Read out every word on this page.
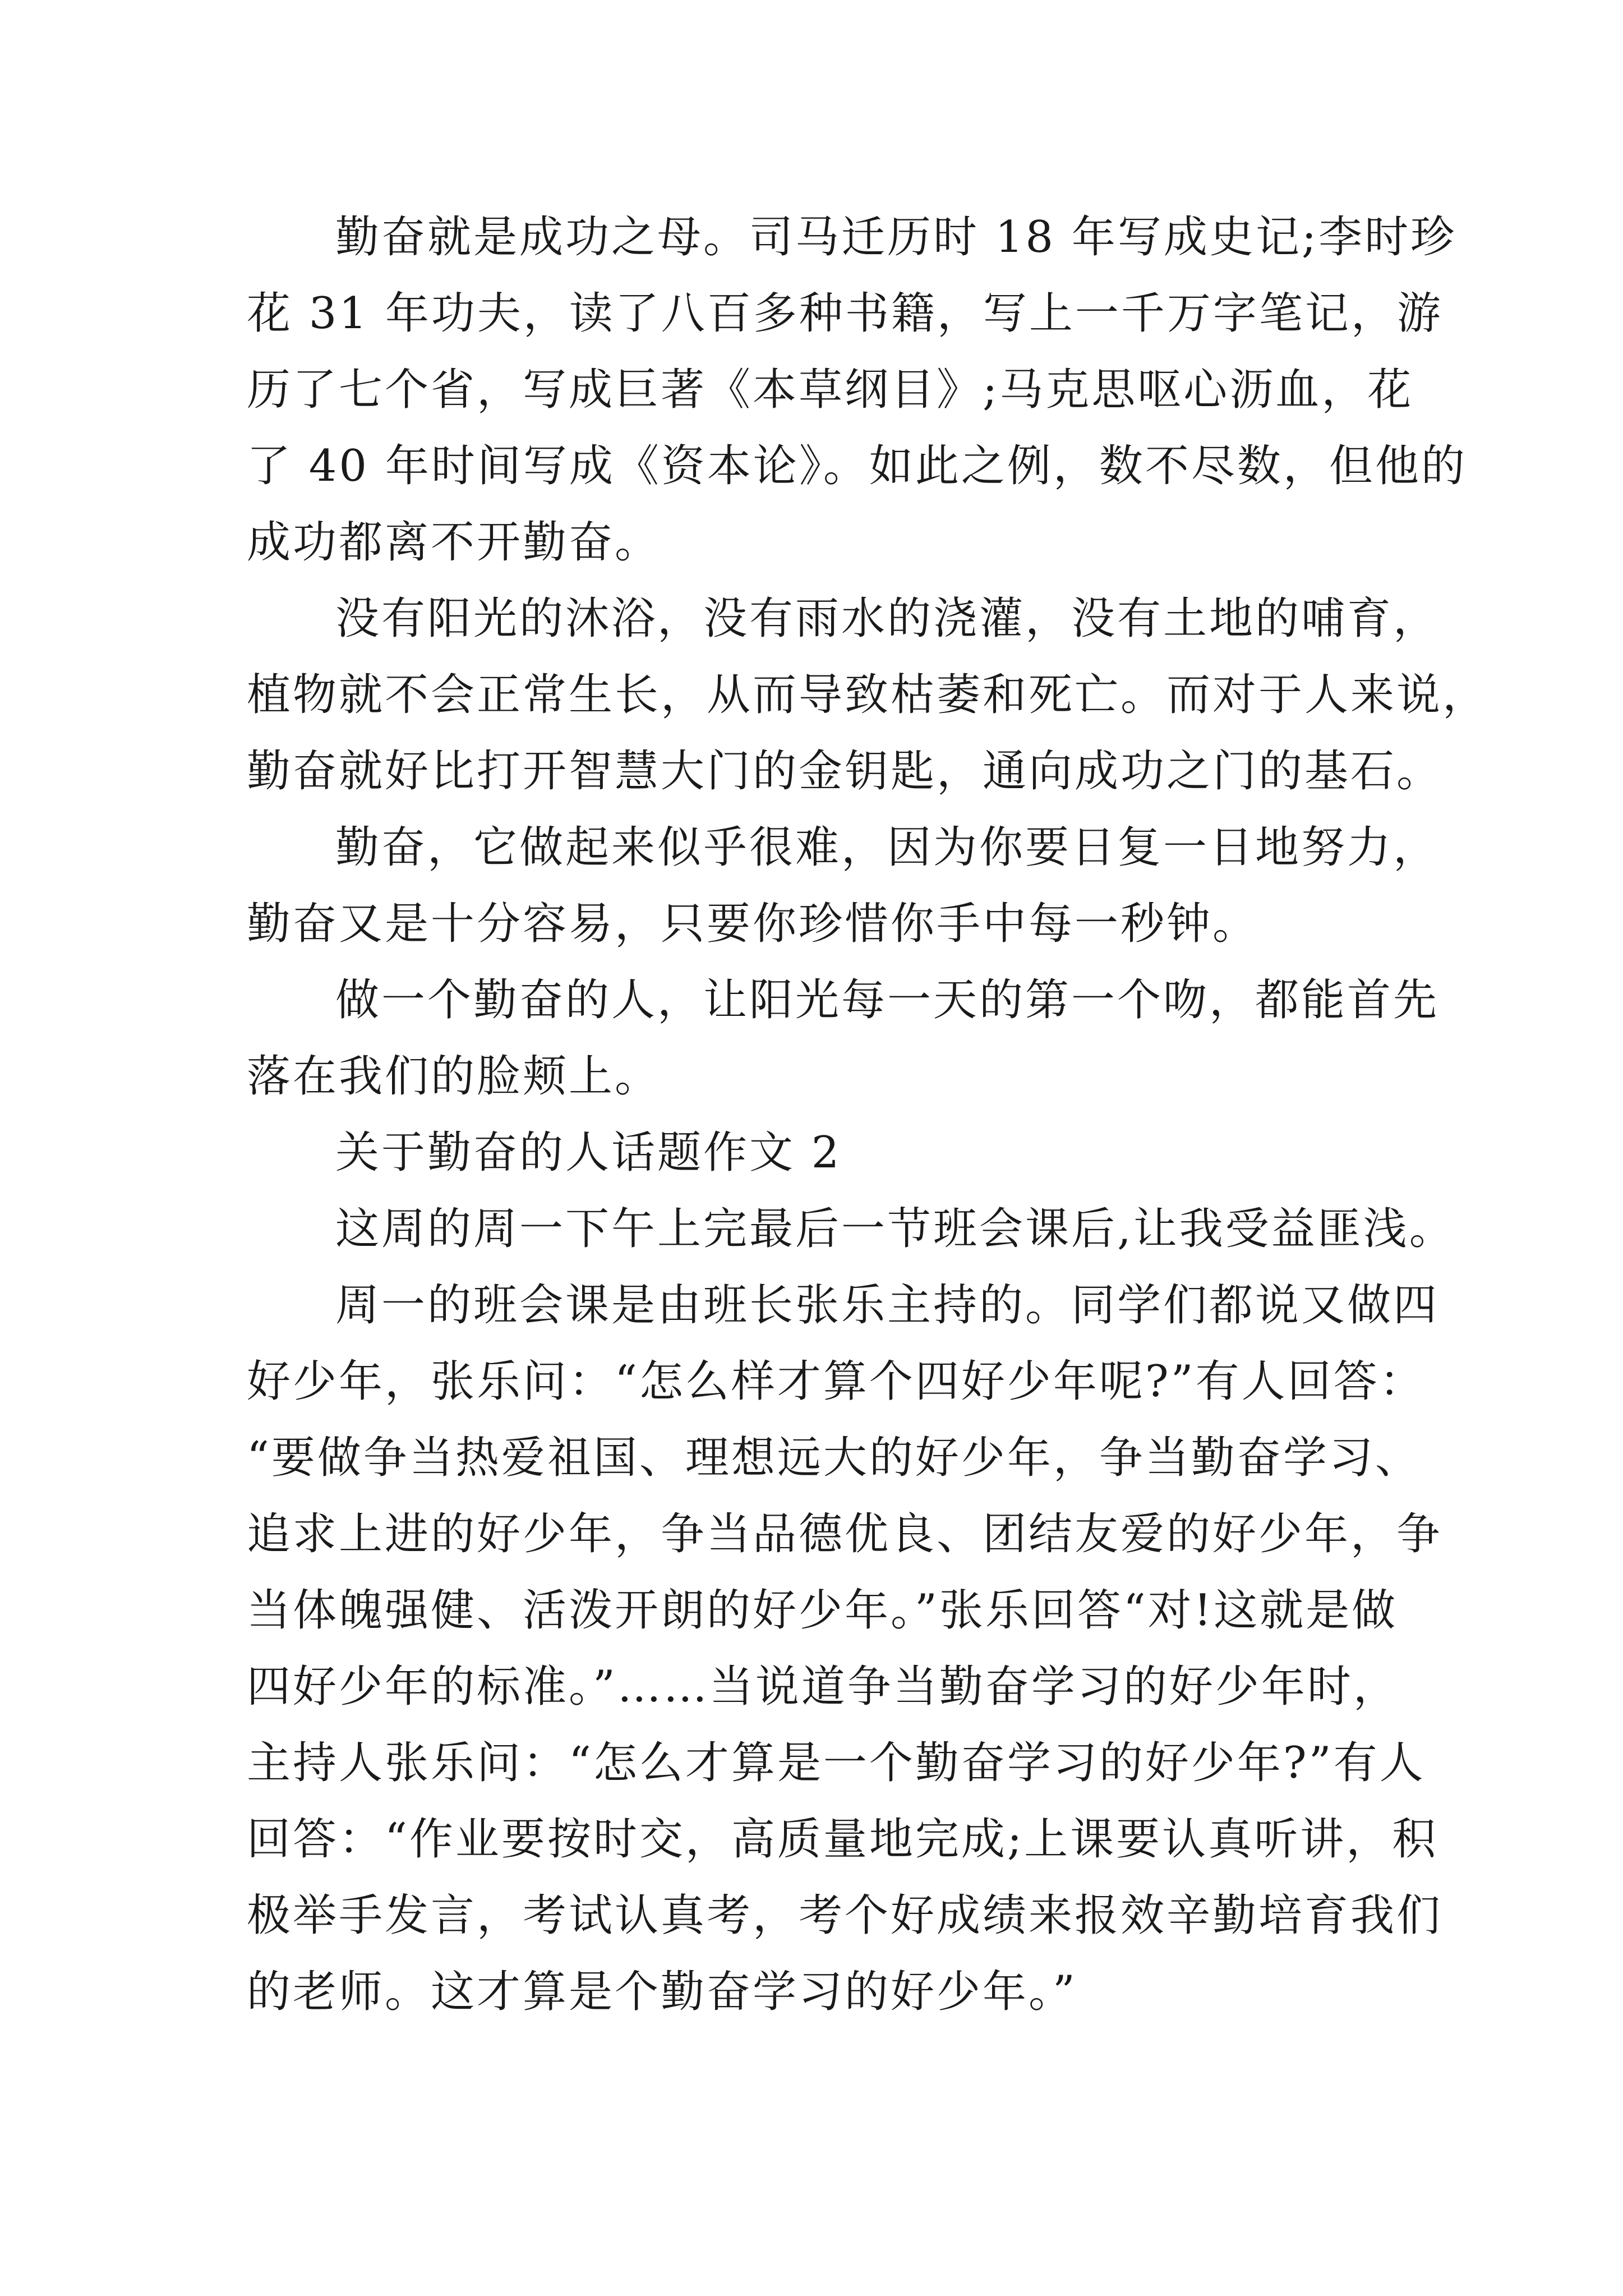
勤奋就是成功之母。司马迁历时 18 年写成史记;李时珍
花 31 年功夫，读了八百多种书籍，写上一千万字笔记，游
历了七个省，写成巨著《本草纲目》;马克思呕心沥血，花
了 40 年时间写成《资本论》。如此之例，数不尽数，但他的
成功都离不开勤奋。
没有阳光的沐浴，没有雨水的浇灌，没有土地的哺育，
植物就不会正常生长，从而导致枯萎和死亡。而对于人来说，
勤奋就好比打开智慧大门的金钥匙，通向成功之门的基石。
勤奋，它做起来似乎很难，因为你要日复一日地努力，
勤奋又是十分容易，只要你珍惜你手中每一秒钟。
做一个勤奋的人，让阳光每一天的第一个吻，都能首先
落在我们的脸颊上。
关于勤奋的人话题作文 2
这周的周一下午上完最后一节班会课后,让我受益匪浅。
周一的班会课是由班长张乐主持的。同学们都说又做四
好少年，张乐问：“怎么样才算个四好少年呢?”有人回答：
“要做争当热爱祖国、理想远大的好少年，争当勤奋学习、
追求上进的好少年，争当品德优良、团结友爱的好少年，争
当体魄强健、活泼开朗的好少年。”张乐回答“对!这就是做
四好少年的标准。”……当说道争当勤奋学习的好少年时，
主持人张乐问：“怎么才算是一个勤奋学习的好少年?”有人
回答：“作业要按时交，高质量地完成;上课要认真听讲，积
极举手发言，考试认真考，考个好成绩来报效辛勤培育我们
的老师。这才算是个勤奋学习的好少年。”
